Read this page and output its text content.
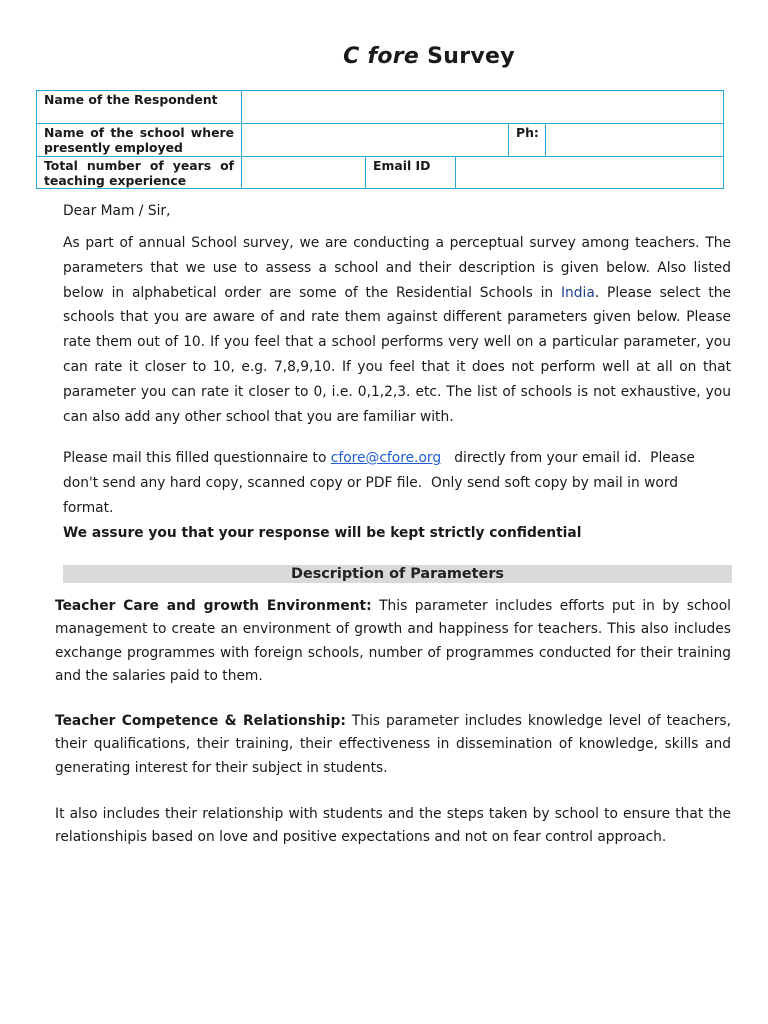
C fore Survey
Name of the Respondent					
Name of the school where presently employed				Ph:	
Total number of years of teaching experience		Email ID			
Dear Mam / Sir,
As part of annual School survey, we are conducting a perceptual survey among teachers. The parameters that we use to assess a school and their description is given below. Also listed below in alphabetical order are some of the Residential Schools in India. Please select the schools that you are aware of and rate them against different parameters given below. Please rate them out of 10. If you feel that a school performs very well on a particular parameter, you can rate it closer to 10, e.g. 7,8,9,10. If you feel that it does not perform well at all on that parameter you can rate it closer to 0, i.e. 0,1,2,3. etc. The list of schools is not exhaustive, you can also add any other school that you are familiar with.
Please mail this filled questionnaire to cfore@cfore.org   directly from your email id.  Please don't send any hard copy, scanned copy or PDF file.  Only send soft copy by mail in word format.
We assure you that your response will be kept strictly confidential
Description of Parameters
Teacher Care and growth Environment: This parameter includes efforts put in by school management to create an environment of growth and happiness for teachers. This also includes exchange programmes with foreign schools, number of programmes conducted for their training and the salaries paid to them.
Teacher Competence & Relationship: This parameter includes knowledge level of teachers, their qualifications, their training, their effectiveness in dissemination of knowledge, skills and generating interest for their subject in students.
It also includes their relationship with students and the steps taken by school to ensure that the relationshipis based on love and positive expectations and not on fear control approach.
